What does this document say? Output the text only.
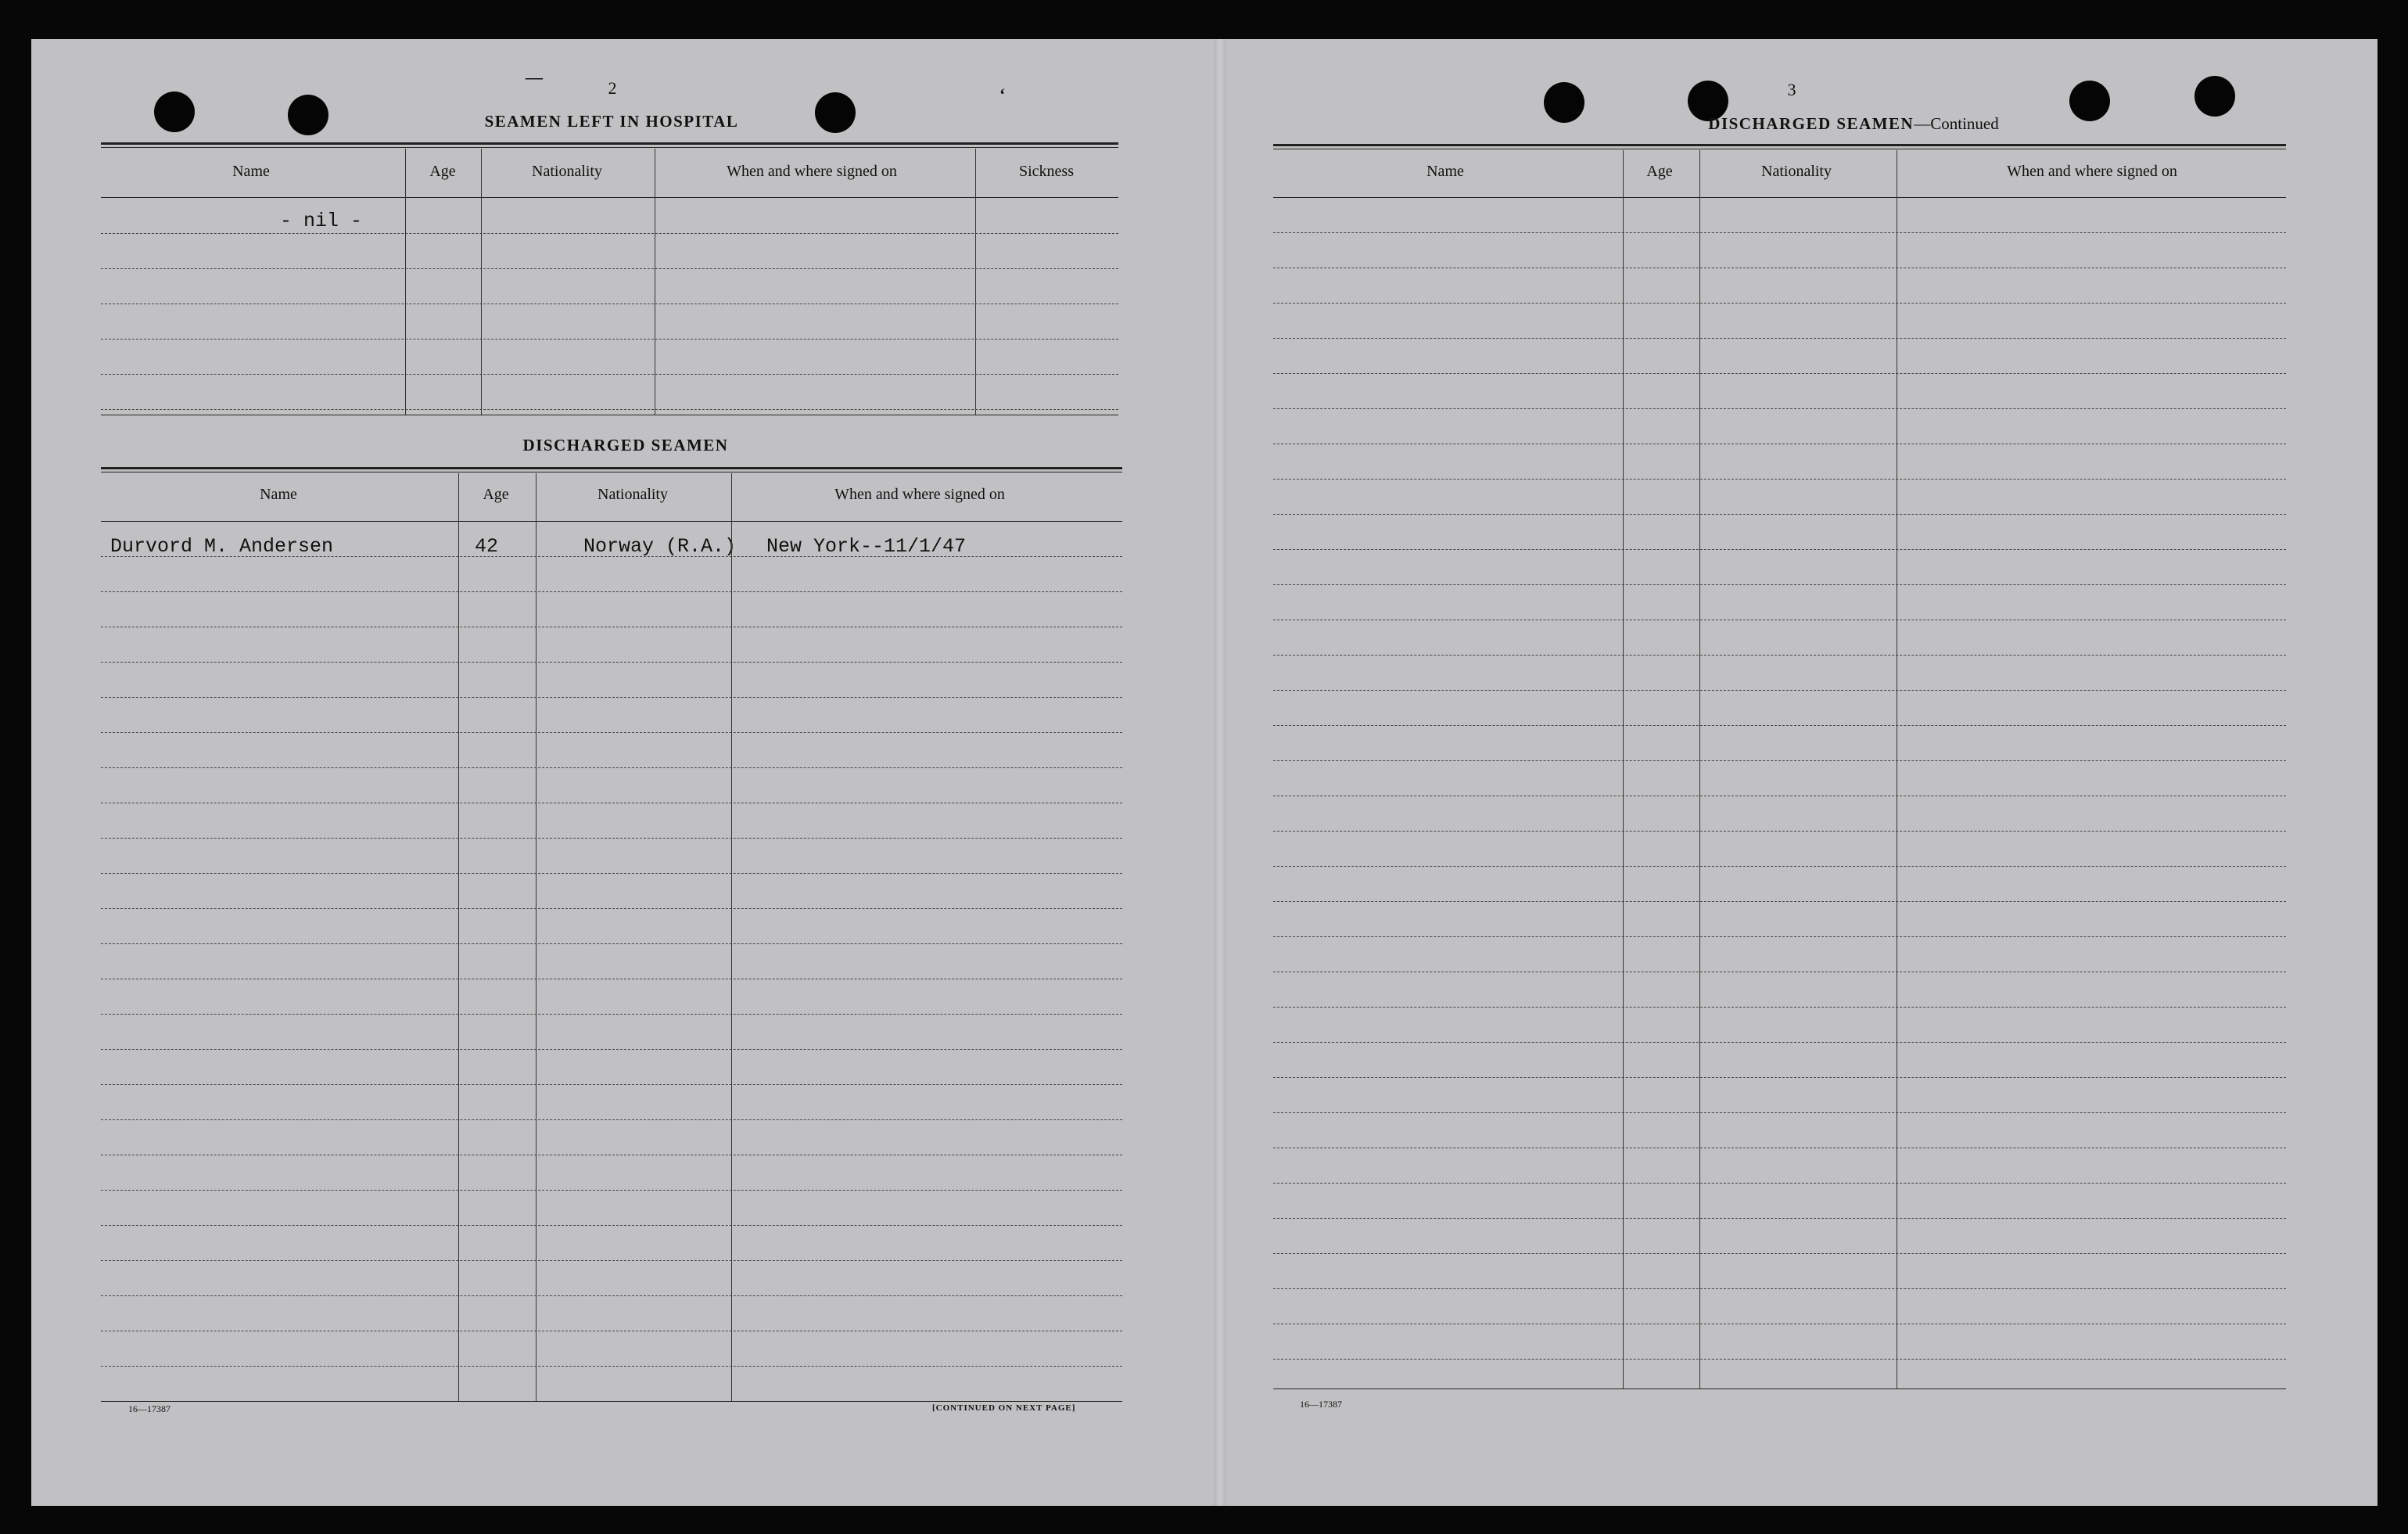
—
‘
2
SEAMEN LEFT IN HOSPITAL
Name	Age	Nationality	When and where signed on	Sickness
- nil -
DISCHARGED SEAMEN
Name	Age	Nationality	When and where signed on
Durvord M. Andersen	42	Norway (R.A.) New York--11/1/47
16—17387	[CONTINUED ON NEXT PAGE]
3
DISCHARGED SEAMEN—Continued
Name	Age	Nationality	When and where signed on
16—17387
